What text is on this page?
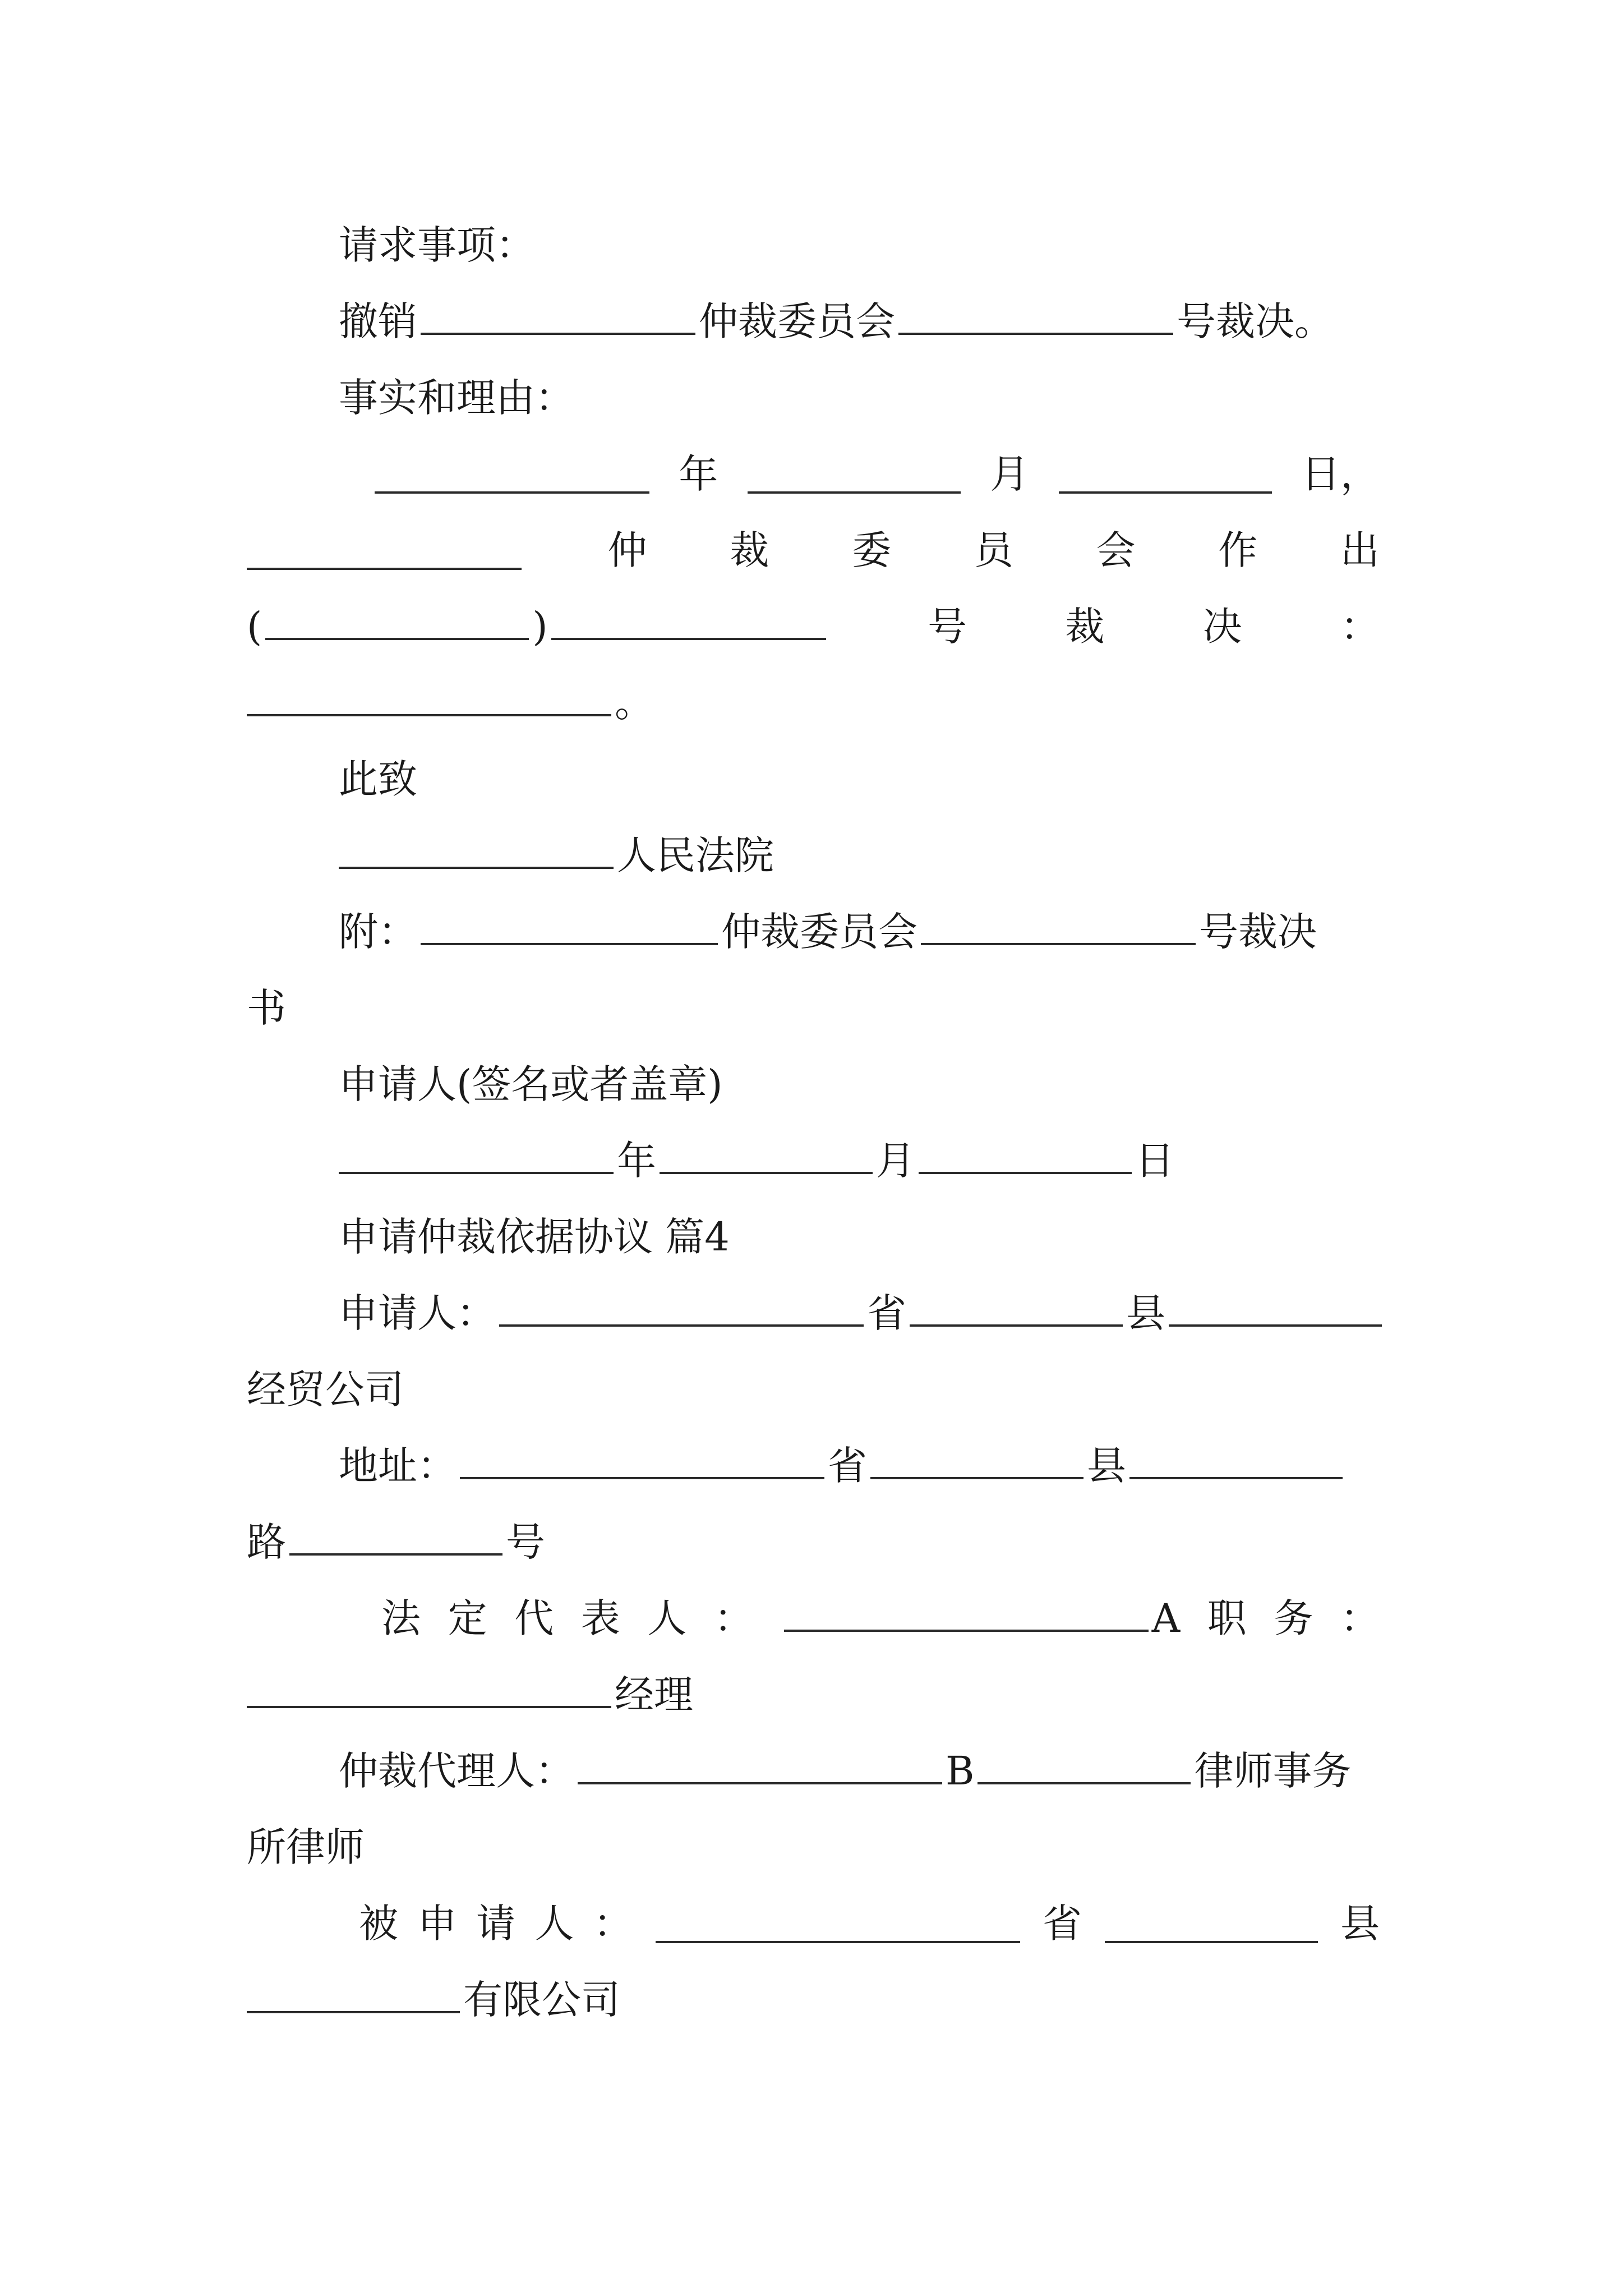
请求事项：
撤销	仲裁委员会	号裁决。
事实和理由：
年	月	日，
仲 裁 委 员 会 作 出
(	)	号	裁	决	：
。
此致
人民法院
附：	仲裁委员会	号裁决
书
申请人(签名或者盖章)
年	月	日
申请仲裁依据协议 篇4
申请人：	省	县
经贸公司
地址：	省	县
路	号
法 定 代 表 人 ：	A 职 务 ：
经理
仲裁代理人：	B	律师事务
所律师
被 申 请 人 ：	省	县
有限公司
